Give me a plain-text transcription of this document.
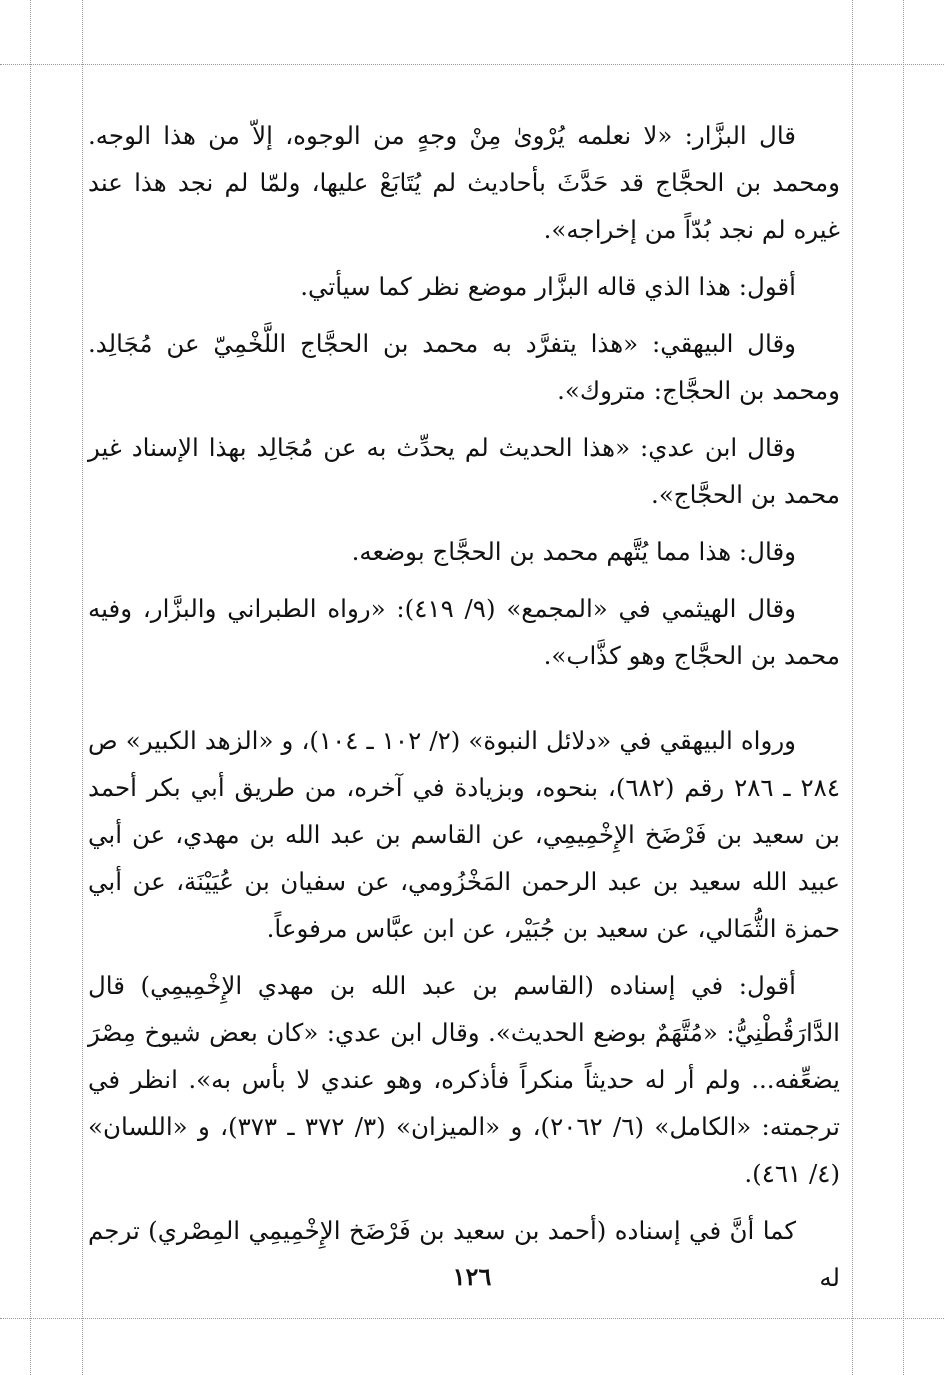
قال البزَّار: «لا نعلمه يُرْوىٰ مِنْ وجهٍ من الوجوه، إلاّ من هذا الوجه. ومحمد بن الحجَّاج قد حَدَّثَ بأحاديث لم يُتَابَعْ عليها، ولمّا لم نجد هذا عند غيره لم نجد بُدّاً من إخراجه».

أقول: هذا الذي قاله البزَّار موضع نظر كما سيأتي.

وقال البيهقي: «هذا يتفرَّد به محمد بن الحجَّاج اللَّخْمِيّ عن مُجَالِد. ومحمد بن الحجَّاج: متروك».

وقال ابن عدي: «هذا الحديث لم يحدِّث به عن مُجَالِد بهذا الإسناد غير محمد بن الحجَّاج».

وقال: هذا مما يُتَّهم محمد بن الحجَّاج بوضعه.

وقال الهيثمي في «المجمع» (٩/ ٤١٩): «رواه الطبراني والبزَّار، وفيه محمد بن الحجَّاج وهو كذَّاب».

ورواه البيهقي في «دلائل النبوة» (٢/ ١٠٢ ـ ١٠٤)، و «الزهد الكبير» ص ٢٨٤ ـ ٢٨٦ رقم (٦٨٢)، بنحوه، وبزيادة في آخره، من طريق أبي بكر أحمد بن سعيد بن فَرْضَخ الإِخْمِيمِي، عن القاسم بن عبد الله بن مهدي، عن أبي عبيد الله سعيد بن عبد الرحمن المَخْزُومي، عن سفيان بن عُيَيْنَة، عن أبي حمزة الثُّمَالي، عن سعيد بن جُبَيْر، عن ابن عبَّاس مرفوعاً.

أقول: في إسناده (القاسم بن عبد الله بن مهدي الإِخْمِيمِي) قال الدَّارَقُطْنِيُّ: «مُتَّهَمٌ بوضع الحديث». وقال ابن عدي: «كان بعض شيوخ مِصْرَ يضعِّفه... ولم أر له حديثاً منكراً فأذكره، وهو عندي لا بأس به». انظر في ترجمته: «الكامل» (٦/ ٢٠٦٢)، و «الميزان» (٣/ ٣٧٢ ـ ٣٧٣)، و «اللسان» (٤/ ٤٦١).

كما أنَّ في إسناده (أحمد بن سعيد بن فَرْضَخ الإِخْمِيمِي المِصْري) ترجم له

١٢٦
